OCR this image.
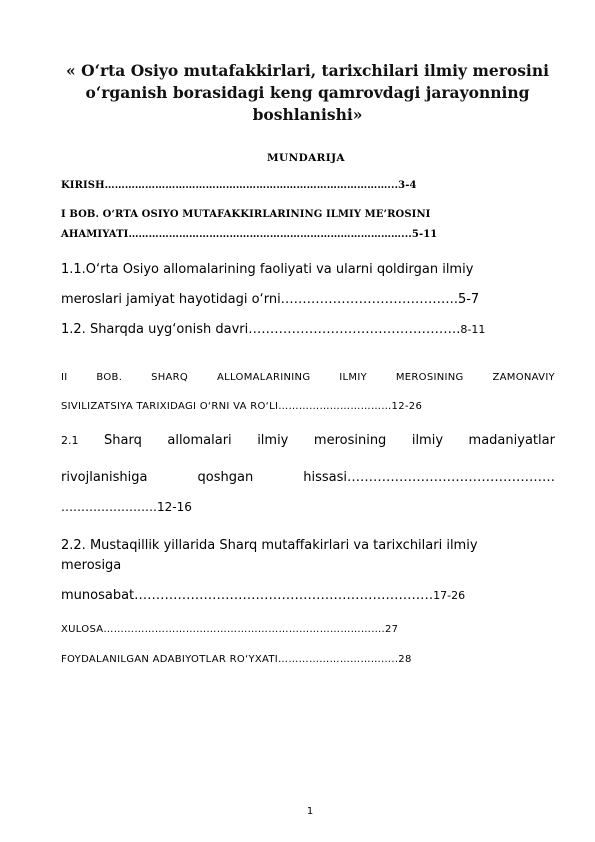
« O‘rta Osiyo mutafakkirlari, tarixchilari ilmiy merosini
o‘rganish borasidagi keng qamrovdagi jarayonning
boshlanishi»
MUNDARIJA
KIRISH…………………………………………………………………………...3-4
I BOB. O‘RTA OSIYO MUTAFAKKIRLARINING ILMIY ME’ROSINI
AHAMIYATI………………………………………………………………………...5-11
1.1.O‘rta Osiyo allomalarining faoliyati va ularni qoldirgan ilmiy
meroslari jamiyat hayotidagi o‘rni…………………………………..5-7
1.2. Sharqda uyg‘onish davri………………………………………….8-11
II	BOB.	SHARQ	ALLOMALARINING	ILMIY	MEROSINING	ZAMONAVIY
SIVILIZATSIYA TARIXIDAGI O‘RNI VA RO‘LI……………………………12-26
2.1 Sharq allomalari ilmiy merosining ilmiy madaniyatlar
rivojlanishiga	qoshgan	hissasi…………………………………………
……………………12-16
2.2. Mustaqillik yillarida Sharq mutaffakirlari va tarixchilari ilmiy
merosiga
munosabat……………………………………………………………17-26
XULOSA……………………………………………………………………….27
FOYDALANILGAN ADABIYOTLAR RO‘YXATI……………………………..28
1
